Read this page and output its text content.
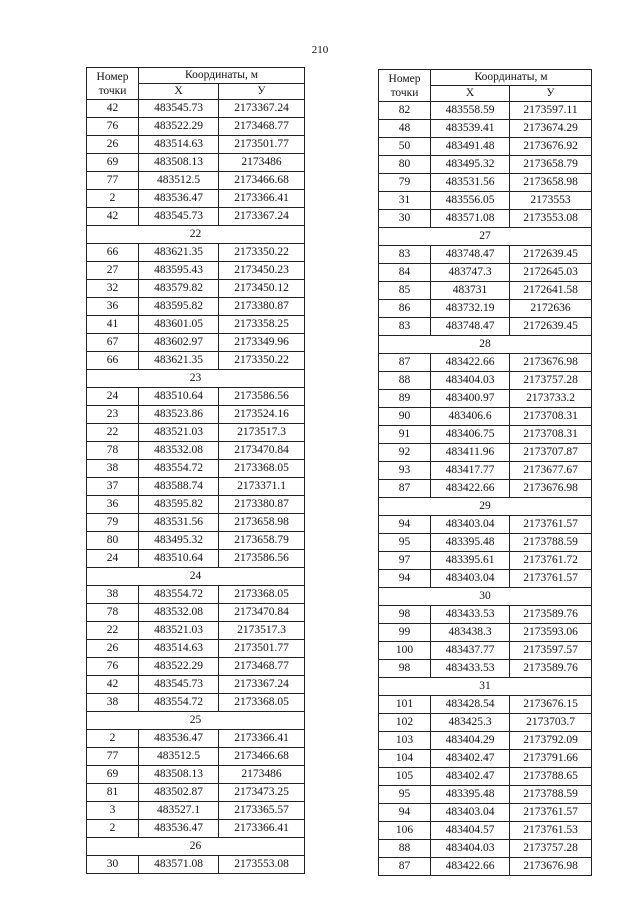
210
Номер
точки	Координаты, м	
	X	У
42	483545.73	2173367.24
76	483522.29	2173468.77
26	483514.63	2173501.77
69	483508.13	2173486
77	483512.5	2173466.68
2	483536.47	2173366.41
42	483545.73	2173367.24
22		
66	483621.35	2173350.22
27	483595.43	2173450.23
32	483579.82	2173450.12
36	483595.82	2173380.87
41	483601.05	2173358.25
67	483602.97	2173349.96
66	483621.35	2173350.22
23		
24	483510.64	2173586.56
23	483523.86	2173524.16
22	483521.03	2173517.3
78	483532.08	2173470.84
38	483554.72	2173368.05
37	483588.74	2173371.1
36	483595.82	2173380.87
79	483531.56	2173658.98
80	483495.32	2173658.79
24	483510.64	2173586.56
24		
38	483554.72	2173368.05
78	483532.08	2173470.84
22	483521.03	2173517.3
26	483514.63	2173501.77
76	483522.29	2173468.77
42	483545.73	2173367.24
38	483554.72	2173368.05
25		
2	483536.47	2173366.41
77	483512.5	2173466.68
69	483508.13	2173486
81	483502.87	2173473.25
3	483527.1	2173365.57
2	483536.47	2173366.41
26		
30	483571.08	2173553.08
Номер
точки	Координаты, м	
	X	У
82	483558.59	2173597.11
48	483539.41	2173674.29
50	483491.48	2173676.92
80	483495.32	2173658.79
79	483531.56	2173658.98
31	483556.05	2173553
30	483571.08	2173553.08
27		
83	483748.47	2172639.45
84	483747.3	2172645.03
85	483731	2172641.58
86	483732.19	2172636
83	483748.47	2172639.45
28		
87	483422.66	2173676.98
88	483404.03	2173757.28
89	483400.97	2173733.2
90	483406.6	2173708.31
91	483406.75	2173708.31
92	483411.96	2173707.87
93	483417.77	2173677.67
87	483422.66	2173676.98
29		
94	483403.04	2173761.57
95	483395.48	2173788.59
97	483395.61	2173761.72
94	483403.04	2173761.57
30		
98	483433.53	2173589.76
99	483438.3	2173593.06
100	483437.77	2173597.57
98	483433.53	2173589.76
31		
101	483428.54	2173676.15
102	483425.3	2173703.7
103	483404.29	2173792.09
104	483402.47	2173791.66
105	483402.47	2173788.65
95	483395.48	2173788.59
94	483403.04	2173761.57
106	483404.57	2173761.53
88	483404.03	2173757.28
87	483422.66	2173676.98
